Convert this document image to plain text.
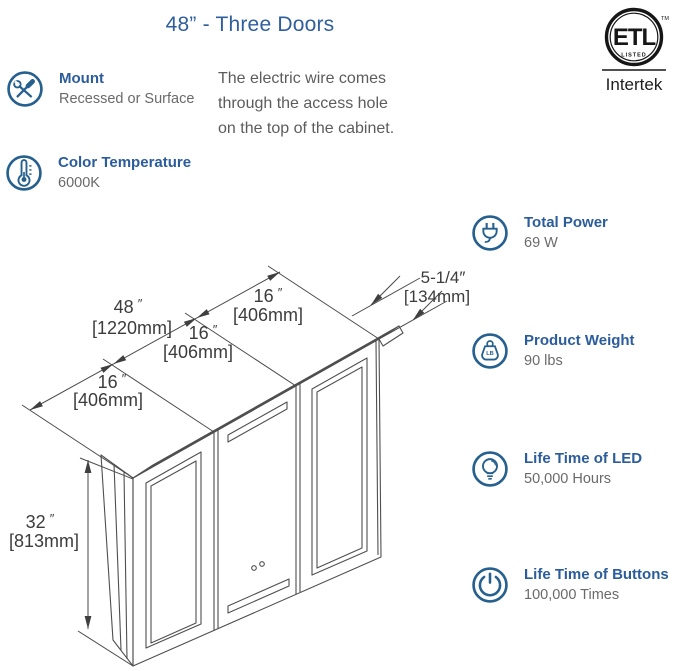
48” - Three Doors
The electric wire comes
through the access hole
on the top of the cabinet.
ETL
LISTED
TM
Intertek
Mount
Recessed or Surface
Color Temperature
6000K
Total Power
69 W
LB
Product Weight
90 lbs
Life Time of LED
50,000 Hours
Life Time of Buttons
100,000 Times
48 ″
[1220mm]
16 ″
[406mm]
16 ″
[406mm]
16 ″
[406mm]
5-1/4″
[134mm]
32 ″
[813mm]
